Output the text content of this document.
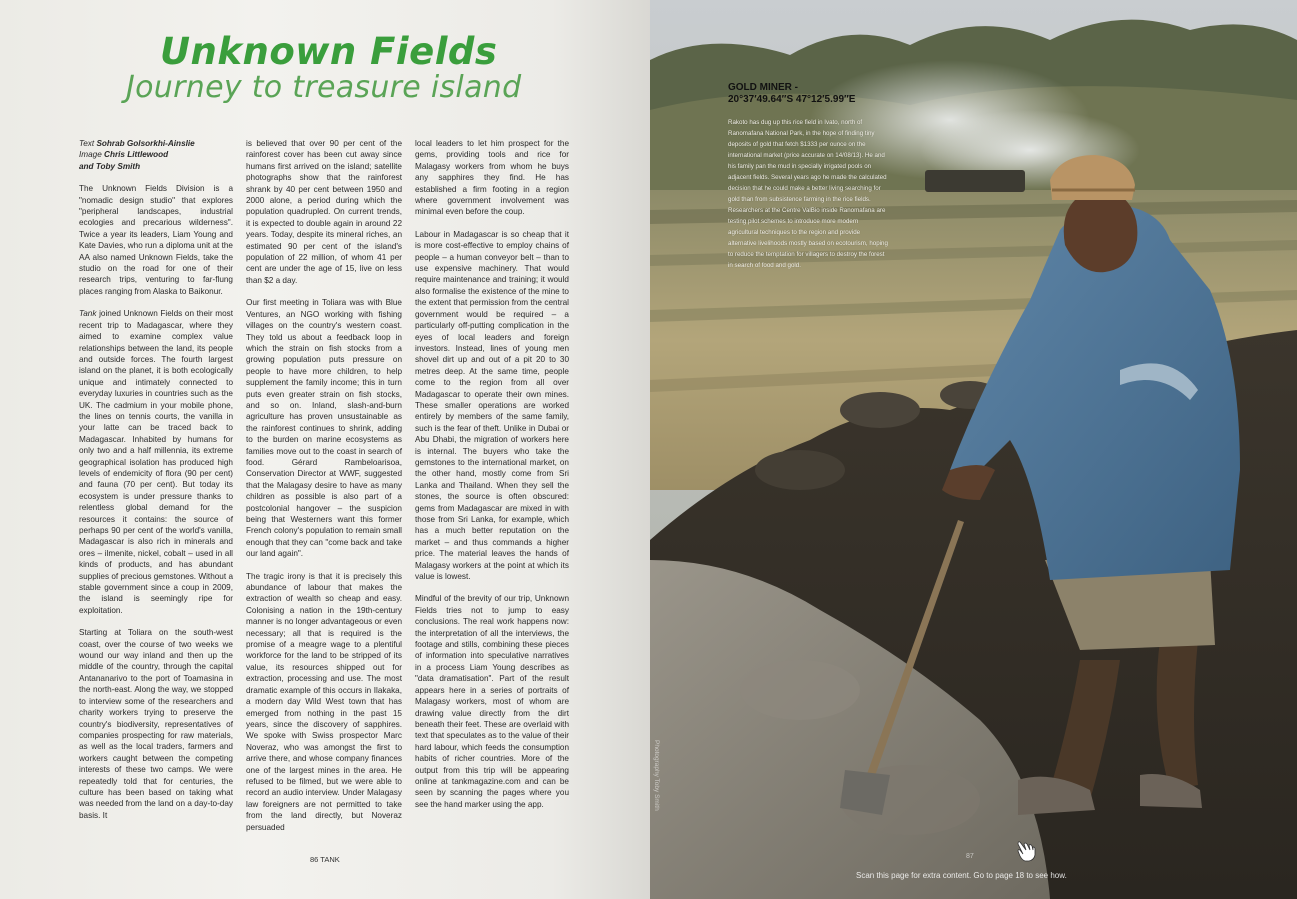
Unknown Fields
Journey to treasure island
Text Sohrab Golsorkhi-Ainslie
Image Chris Littlewood
and Toby Smith

The Unknown Fields Division is a "nomadic design studio" that explores "peripheral landscapes, industrial ecologies and precarious wilderness". Twice a year its leaders, Liam Young and Kate Davies, who run a diploma unit at the AA also named Unknown Fields, take the studio on the road for one of their research trips, venturing to far-flung places ranging from Alaska to Baikonur.

Tank joined Unknown Fields on their most recent trip to Madagascar, where they aimed to examine complex value relationships between the land, its people and outside forces. The fourth largest island on the planet, it is both ecologically unique and intimately connected to everyday luxuries in countries such as the UK. The cadmium in your mobile phone, the lines on tennis courts, the vanilla in your latte can be traced back to Madagascar. Inhabited by humans for only two and a half millennia, its extreme geographical isolation has produced high levels of endemicity of flora (90 per cent) and fauna (70 per cent). But today its ecosystem is under pressure thanks to relentless global demand for the resources it contains: the source of perhaps 90 per cent of the world's vanilla, Madagascar is also rich in minerals and ores – ilmenite, nickel, cobalt – used in all kinds of products, and has abundant supplies of precious gemstones. Without a stable government since a coup in 2009, the island is seemingly ripe for exploitation.

Starting at Toliara on the south-west coast, over the course of two weeks we wound our way inland and then up the middle of the country, through the capital Antananarivo to the port of Toamasina in the north-east. Along the way, we stopped to interview some of the researchers and charity workers trying to preserve the country's biodiversity, representatives of companies prospecting for raw materials, as well as the local traders, farmers and workers caught between the competing interests of these two camps. We were repeatedly told that for centuries, the culture has been based on taking what was needed from the land on a day-to-day basis. It

is believed that over 90 per cent of the rainforest cover has been cut away since humans first arrived on the island; satellite photographs show that the rainforest shrank by 40 per cent between 1950 and 2000 alone, a period during which the population quadrupled. On current trends, it is expected to double again in around 22 years. Today, despite its mineral riches, an estimated 90 per cent of the island's population of 22 million, of whom 41 per cent are under the age of 15, live on less than $2 a day.

Our first meeting in Toliara was with Blue Ventures, an NGO working with fishing villages on the country's western coast. They told us about a feedback loop in which the strain on fish stocks from a growing population puts pressure on people to have more children, to help supplement the family income; this in turn puts even greater strain on fish stocks, and so on. Inland, slash-and-burn agriculture has proven unsustainable as the rainforest continues to shrink, adding to the burden on marine ecosystems as families move out to the coast in search of food. Gérard Rambeloarisoa, Conservation Director at WWF, suggested that the Malagasy desire to have as many children as possible is also part of a postcolonial hangover – the suspicion being that Westerners want this former French colony's population to remain small enough that they can "come back and take our land again".

The tragic irony is that it is precisely this abundance of labour that makes the extraction of wealth so cheap and easy. Colonising a nation in the 19th-century manner is no longer advantageous or even necessary; all that is required is the promise of a meagre wage to a plentiful workforce for the land to be stripped of its value, its resources shipped out for extraction, processing and use. The most dramatic example of this occurs in Ilakaka, a modern day Wild West town that has emerged from nothing in the past 15 years, since the discovery of sapphires. We spoke with Swiss prospector Marc Noveraz, who was amongst the first to arrive there, and whose company finances one of the largest mines in the area. He refused to be filmed, but we were able to record an audio interview. Under Malagasy law foreigners are not permitted to take from the land directly, but Noveraz persuaded

local leaders to let him prospect for the gems, providing tools and rice for Malagasy workers from whom he buys any sapphires they find. He has established a firm footing in a region where government involvement was minimal even before the coup.

Labour in Madagascar is so cheap that it is more cost-effective to employ chains of people – a human conveyor belt – than to use expensive machinery. That would require maintenance and training; it would also formalise the existence of the mine to the extent that permission from the central government would be required – a particularly off-putting complication in the eyes of local leaders and foreign investors. Instead, lines of young men shovel dirt up and out of a pit 20 to 30 metres deep. At the same time, people come to the region from all over Madagascar to operate their own mines. These smaller operations are worked entirely by members of the same family, such is the fear of theft. Unlike in Dubai or Abu Dhabi, the migration of workers here is internal. The buyers who take the gemstones to the international market, on the other hand, mostly come from Sri Lanka and Thailand. When they sell the stones, the source is often obscured: gems from Madagascar are mixed in with those from Sri Lanka, for example, which has a much better reputation on the market – and thus commands a higher price. The material leaves the hands of Malagasy workers at the point at which its value is lowest.

Mindful of the brevity of our trip, Unknown Fields tries not to jump to easy conclusions. The real work happens now: the interpretation of all the interviews, the footage and stills, combining these pieces of information into speculative narratives in a process Liam Young describes as "data dramatisation". Part of the result appears here in a series of portraits of Malagasy workers, most of whom are drawing value directly from the dirt beneath their feet. These are overlaid with text that speculates as to the value of their hard labour, which feeds the consumption habits of richer countries. More of the output from this trip will be appearing online at tankmagazine.com and can be seen by scanning the pages where you see the hand marker using the app.

86 TANK
GOLD MINER -
20°37′49.64″S 47°12′5.99″E
Rakoto has dug up this rice field in Ivato, north of Ranomafana National Park, in the hope of finding tiny deposits of gold that fetch $1333 per ounce on the international market (price accurate on 14/08/13). He and his family pan the mud in specially irrigated pools on adjacent fields. Several years ago he made the calculated decision that he could make a better living searching for gold than from subsistence farming in the rice fields. Researchers at the Centre ValBio inside Ranomafana are testing pilot schemes to introduce more modern agricultural techniques to the region and provide alternative livelihoods mostly based on ecotourism, hoping to reduce the temptation for villagers to destroy the forest in search of food and gold.
Photography Toby Smith
87
Scan this page for extra content. Go to page 18 to see how.
